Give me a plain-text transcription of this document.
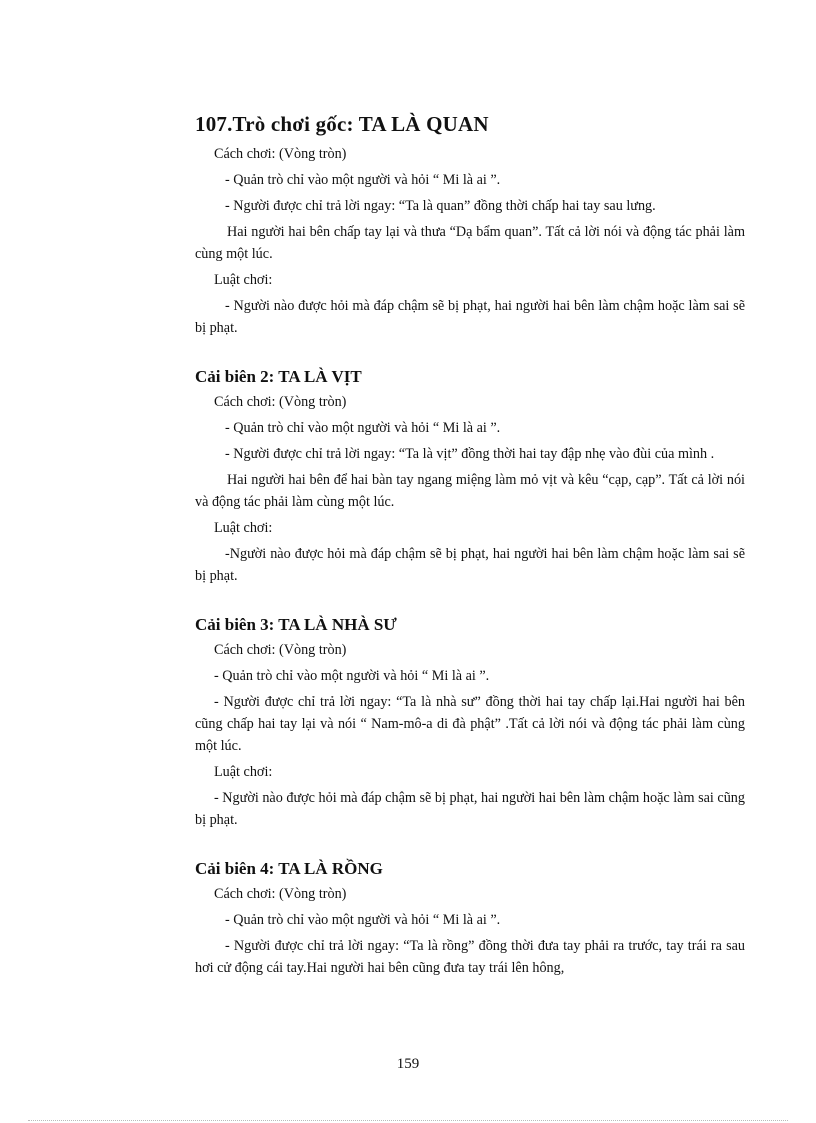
107.Trò chơi gốc: TA LÀ QUAN

Cách chơi: (Vòng tròn)

- Quản trò chỉ vào một người và hỏi “ Mi là ai ”.

- Người được chỉ trả lời ngay: “Ta là quan” đồng thời chấp hai tay sau lưng.

Hai người hai bên chấp tay lại và thưa “Dạ bẩm quan”. Tất cả lời nói và động tác phải làm cùng một lúc.

Luật chơi:

- Người nào được hỏi mà đáp chậm sẽ bị phạt, hai người hai bên làm chậm hoặc làm sai sẽ bị phạt.

Cải biên 2: TA LÀ VỊT

Cách chơi: (Vòng tròn)

- Quản trò chỉ vào một người và hỏi “ Mi là ai ”.

- Người được chỉ trả lời ngay: “Ta là vịt” đồng thời hai tay đập nhẹ vào đùi của mình .

Hai người hai bên để hai bàn tay ngang miệng làm mỏ vịt và kêu “cạp, cạp”. Tất cả lời nói và động tác phải làm cùng một lúc.

Luật chơi:

-Người nào được hỏi mà đáp chậm sẽ bị phạt, hai người hai bên làm chậm hoặc làm sai sẽ bị phạt.

Cải biên 3: TA LÀ NHÀ SƯ

Cách chơi: (Vòng tròn)

- Quản trò chỉ vào một người và hỏi “ Mi là ai ”.

- Người được chỉ trả lời ngay: “Ta là nhà sư” đồng thời hai tay chấp lại.Hai người hai bên cũng chấp hai tay lại và nói “ Nam-mô-a di đà phật” .Tất cả lời nói và động tác phải làm cùng một lúc.

Luật chơi:

- Người nào được hỏi mà đáp chậm sẽ bị phạt, hai người hai bên làm chậm hoặc làm sai cũng bị phạt.

Cải biên 4: TA LÀ RỒNG

Cách chơi: (Vòng tròn)

- Quản trò chỉ vào một người và hỏi “ Mi là ai ”.

- Người được chỉ trả lời ngay: “Ta là rồng” đồng thời đưa tay phải ra trước, tay trái ra sau hơi cử động cái tay.Hai người hai bên cũng đưa tay trái lên hông,

159
